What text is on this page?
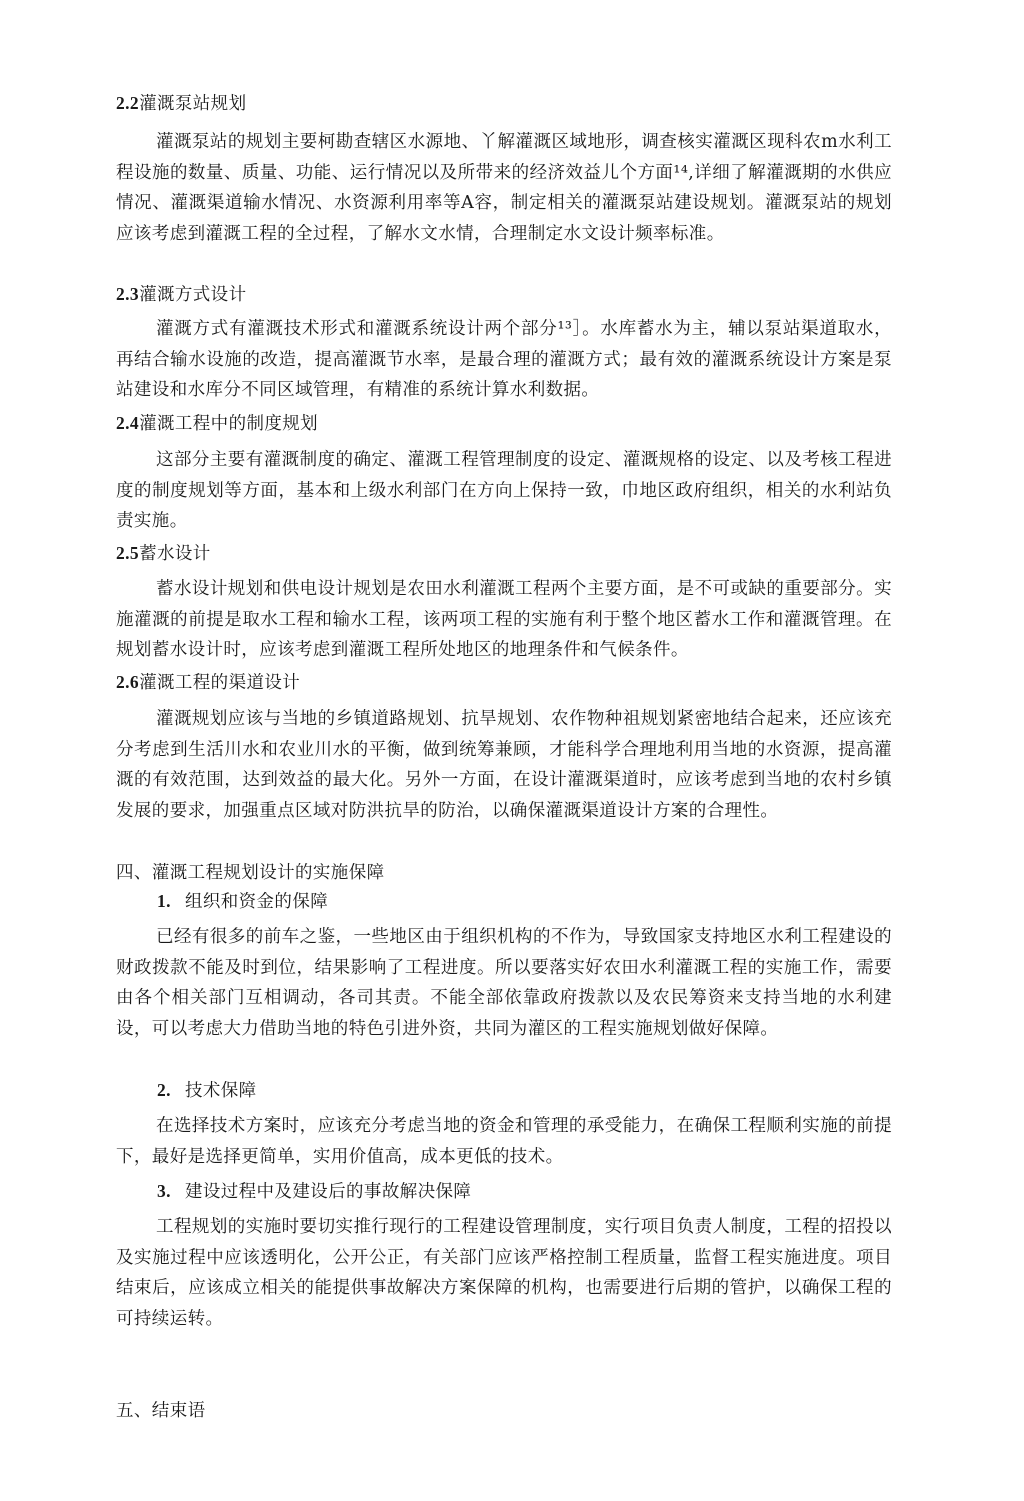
2.2灌溉泵站规划
灌溉泵站的规划主要柯勘查辖区水源地、丫解灌溉区域地形，调查核实灌溉区现科农m水利工程设施的数量、质量、功能、运行情况以及所带来的经济效益儿个方面¹⁴,详细了解灌溉期的水供应情况、灌溉渠道输水情况、水资源利用率等A容，制定相关的灌溉泵站建设规划。灌溉泵站的规划应该考虑到灌溉工程的全过程，了解水文水情，合理制定水文设计频率标准。
2.3灌溉方式设计
灌溉方式有灌溉技术形式和灌溉系统设计两个部分¹³］。水库蓄水为主，辅以泵站渠道取水，再结合输水设施的改造，提高灌溉节水率，是最合理的灌溉方式；最有效的灌溉系统设计方案是泵站建设和水库分不同区域管理，有精准的系统计算水利数据。
2.4灌溉工程中的制度规划
这部分主要有灌溉制度的确定、灌溉工程管理制度的设定、灌溉规格的设定、以及考核工程进度的制度规划等方面，基本和上级水利部门在方向上保持一致，巾地区政府组织，相关的水利站负责实施。
2.5蓄水设计
蓄水设计规划和供电设计规划是农田水利灌溉工程两个主要方面，是不可或缺的重要部分。实施灌溉的前提是取水工程和输水工程，该两项工程的实施有利于整个地区蓄水工作和灌溉管理。在规划蓄水设计时，应该考虑到灌溉工程所处地区的地理条件和气候条件。
2.6灌溉工程的渠道设计
灌溉规划应该与当地的乡镇道路规划、抗旱规划、农作物种祖规划紧密地结合起来，还应该充分考虑到生活川水和农业川水的平衡，做到统筹兼顾，才能科学合理地利用当地的水资源，提高灌溉的有效范围，达到效益的最大化。另外一方面，在设计灌溉渠道时，应该考虑到当地的农村乡镇发展的要求，加强重点区域对防洪抗旱的防治，以确保灌溉渠道设计方案的合理性。
四、灌溉工程规划设计的实施保障
1. 组织和资金的保障
已经有很多的前车之鉴，一些地区由于组织机构的不作为，导致国家支持地区水利工程建设的财政拨款不能及时到位，结果影响了工程进度。所以要落实好农田水利灌溉工程的实施工作，需要由各个相关部门互相调动，各司其责。不能全部依靠政府拨款以及农民筹资来支持当地的水利建设，可以考虑大力借助当地的特色引进外资，共同为灌区的工程实施规划做好保障。
2. 技术保障
在选择技术方案时，应该充分考虑当地的资金和管理的承受能力，在确保工程顺利实施的前提下，最好是选择更简单，实用价值高，成本更低的技术。
3. 建设过程中及建设后的事故解决保障
工程规划的实施时要切实推行现行的工程建设管理制度，实行项目负责人制度，工程的招投以及实施过程中应该透明化，公开公正，有关部门应该严格控制工程质量，监督工程实施进度。项目结束后，应该成立相关的能提供事故解决方案保障的机构，也需要进行后期的管护，以确保工程的可持续运转。
五、结束语
